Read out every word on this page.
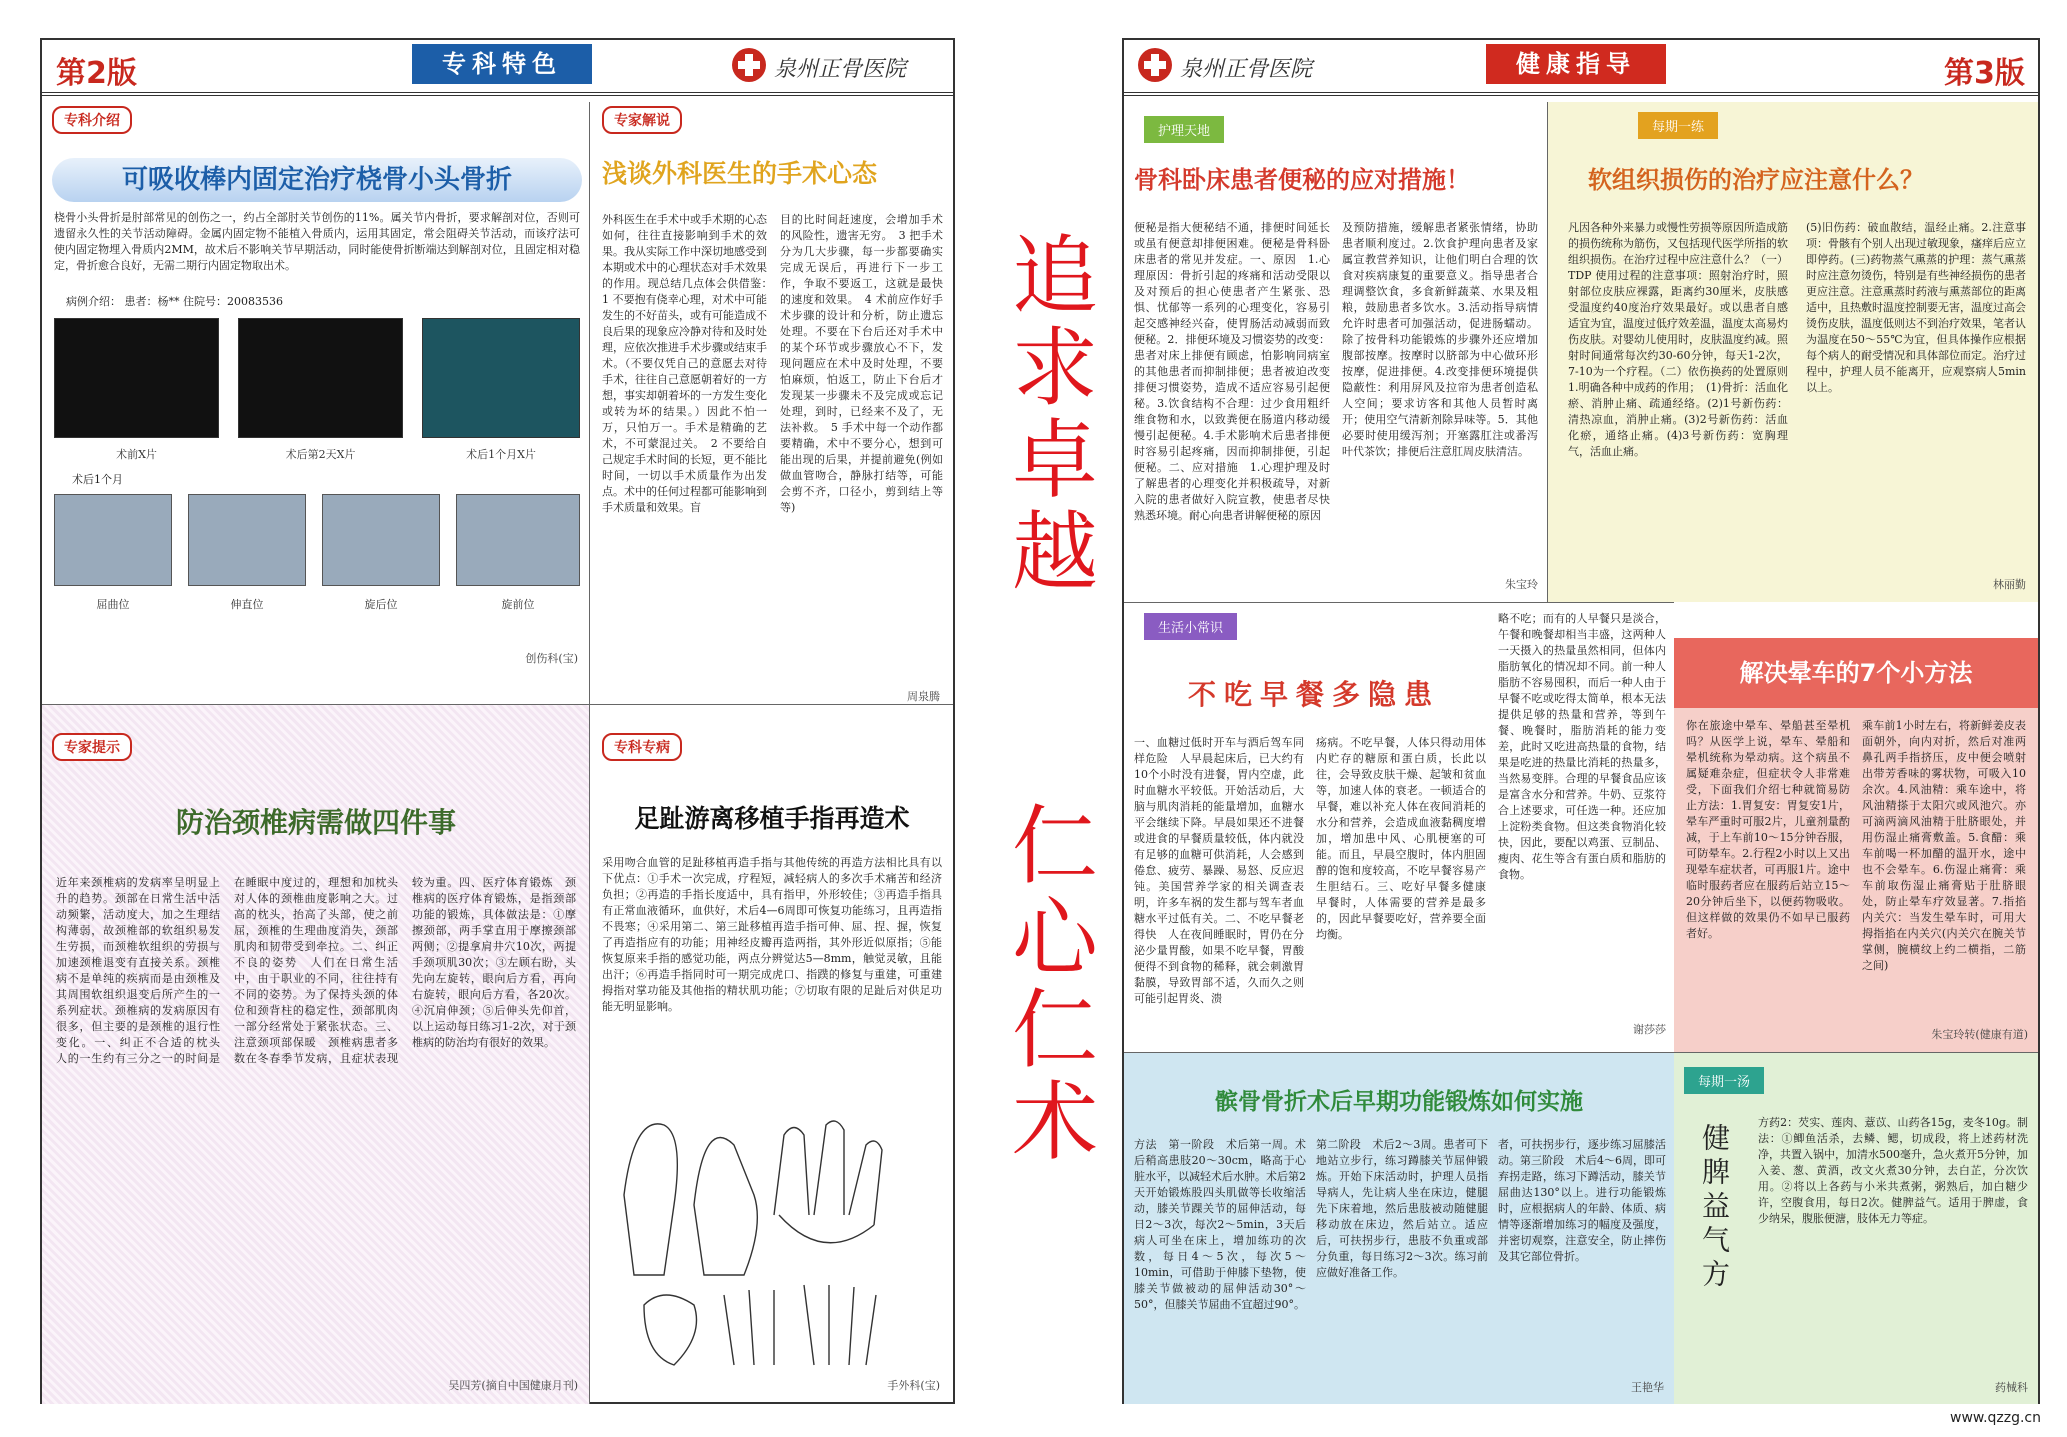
第2版	专科特色	泉州正骨医院
专科介绍
可吸收棒内固定治疗桡骨小头骨折
桡骨小头骨折是肘部常见的创伤之一，约占全部肘关节创伤的11%。属关节内骨折，要求解剖对位，否则可遗留永久性的关节活动障碍。金属内固定物不能植入骨质内，运用其固定，常会阻碍关节活动，而该疗法可使内固定物埋入骨质内2MM，故术后不影响关节早期活动，同时能使骨折断端达到解剖对位，且固定相对稳定，骨折愈合良好，无需二期行内固定物取出术。
病例介绍： 患者：杨** 住院号：20083536
术前X片	术后第2天X片	术后1个月X片
术后1个月
屈曲位	伸直位	旋后位	旋前位
创伤科(宝)
专家解说
浅谈外科医生的手术心态
外科医生在手术中或手术期的心态如何，往往直接影响到手术的效果。我从实际工作中深切地感受到本期或术中的心理状态对手术效果的作用。现总结几点体会供借鉴：　1 不要抱有侥幸心理，对术中可能发生的不好苗头，或有可能造成不良后果的现象应冷静对待和及时处理，应依次推进手术步骤或结束手术。（不要仅凭自己的意愿去对待手术，往往自己意愿朝着好的一方想，事实却朝着坏的一方发生变化或转为坏的结果。）因此不怕一万，只怕万一。手术是精确的艺术，不可蒙混过关。　2 不要给自己规定手术时间的长短，更不能比时间，一切以手术质量作为出发点。术中的任何过程都可能影响到手术质量和效果。盲
目的比时间赶速度，会增加手术的风险性，遗害无穷。　3 把手术分为几大步骤，每一步都要确实完成无误后，再进行下一步工作，争取不要返工，这就是最快的速度和效果。　4 术前应作好手术步骤的设计和分析，防止遗忘处理。不要在下台后还对手术中的某个环节或步骤放心不下，发现问题应在术中及时处理，不要怕麻烦，怕返工，防止下台后才发现某一步骤未不及完成或忘记处理，到时，已经来不及了，无法补救。　5 手术中每一个动作都要精确，术中不要分心，想到可能出现的后果，并提前避免(例如做血管吻合，静脉打结等，可能会剪不齐，口径小，剪到结上等等)
周泉腾
专家提示
防治颈椎病需做四件事
近年来颈椎病的发病率呈明显上升的趋势。颈部在日常生活中活动频繁，活动度大，加之生理结构薄弱，故颈椎部的软组织易发生劳损，而颈椎软组织的劳损与加速颈椎退变有直接关系。颈椎病不是单纯的疾病而是由颈椎及其周围软组织退变后所产生的一系列症状。颈椎病的发病原因有很多，但主要的是颈椎的退行性变化。一、纠正不合适的枕头　人的一生约有三分之一的时间是在睡眠中度过的，理想和加枕头对人体的颈椎曲度影响之大。过高的枕头，抬高了头部，使之前屈，颈椎的生理曲度消失，颈部肌肉和韧带受到牵拉。二、纠正不良的姿势　人们在日常生活中，由于职业的不同，往往持有不同的姿势。为了保持头颈的体位和颈背柱的稳定性，颈部肌肉一部分经常处于紧张状态。三、注意颈项部保暖　颈椎病患者多数在冬春季节发病，且症状表现较为重。四、医疗体育锻炼　颈椎病的医疗体育锻炼，是指颈部功能的锻炼，具体做法是：①摩擦颈部，两手掌直用于摩擦颈部两侧；②提拿肩井穴10次，两提手颈项肌30次；③左顾右盼，头先向左旋转，眼向后方看，再向右旋转，眼向后方看，各20次。④沉肩伸颈；⑤后伸头先仰首，以上运动每日练习1-2次，对于颈椎病的防治均有很好的效果。
吴四芳(摘自中国健康月刊)
专科专病
足趾游离移植手指再造术
采用吻合血管的足趾移植再造手指与其他传统的再造方法相比具有以下优点：①手术一次完成，疗程短，减轻病人的多次手术痛苦和经济负担；②再造的手指长度适中，具有指甲，外形较佳；③再造手指具有正常血液循环，血供好，术后4—6周即可恢复功能练习，且再造指不畏寒；④采用第二、第三趾移植再造手指可伸、屈、捏、握，恢复了再造指应有的功能；用神经皮瓣再造两指，其外形近似原指；⑤能恢复原来手指的感觉功能，两点分辨觉达5—8mm，触觉灵敏，且能出汗；⑥再造手指同时可一期完成虎口、指蹼的修复与重建，可重建拇指对掌功能及其他指的精状肌功能；⑦切取有限的足趾后对供足功能无明显影响。
手外科(宝)
追求卓越
仁心仁术
泉州正骨医院	健康指导	第3版
护理天地
骨科卧床患者便秘的应对措施！
便秘是指大便秘结不通，排便时间延长或虽有便意却排便困难。便秘是骨科卧床患者的常见并发症。一、原因　1.心理原因：骨折引起的疼痛和活动受限以及对预后的担心使患者产生紧张、恐惧、忧郁等一系列的心理变化，容易引起交感神经兴奋，使胃肠活动减弱而致便秘。2．排便环境及习惯姿势的改变：患者对床上排便有顾虑，怕影响同病室的其他患者而抑制排便；患者被迫改变排便习惯姿势，造成不适应容易引起便秘。3.饮食结构不合理：过少食用粗纤维食物和水，以致粪便在肠道内移动缓慢引起便秘。4.手术影响术后患者排便时容易引起疼痛，因而抑制排便，引起便秘。二、应对措施　1.心理护理及时了解患者的心理变化并积极疏导，对新入院的患者做好入院宣教，使患者尽快熟悉环境。耐心向患者讲解便秘的原因
及预防措施，缓解患者紧张情绪，协助患者顺利度过。2.饮食护理向患者及家属宣教营养知识，让他们明白合理的饮食对疾病康复的重要意义。指导患者合理调整饮食，多食新鲜蔬菜、水果及粗粮，鼓励患者多饮水。3.活动指导病情允许时患者可加强活动，促进肠蠕动。除了按骨科功能锻炼的步骤外还应增加腹部按摩。按摩时以脐部为中心做环形按摩，促进排便。4.改变排便环境提供隐蔽性：利用屏风及拉帘为患者创造私人空间；要求访客和其他人员暂时离开；使用空气清新剂除异味等。5．其他必要时使用缓泻剂；开塞露肛注或番泻叶代茶饮；排便后注意肛周皮肤清洁。
朱宝玲
每期一练
软组织损伤的治疗应注意什么？
凡因各种外来暴力或慢性劳损等原因所造成筋的损伤统称为筋伤，又包括现代医学所指的软组织损伤。在治疗过程中应注意什么？（一）TDP 使用过程的注意事项：照射治疗时，照射部位皮肤应裸露，距离约30厘米，皮肤感受温度约40度治疗效果最好。或以患者自感适宜为宜，温度过低疗效差温，温度太高易灼伤皮肤。对婴幼儿使用时，皮肤温度约减。照射时间通常每次约30-60分钟，每天1-2次，7-10为一个疗程。（二）依伤换药的处置原则　1.明确各种中成药的作用；　(1)骨折：活血化瘀、消肿止痛、疏通经络。(2)1号新伤药：清热凉血，消肿止痛。(3)2号新伤药：活血化瘀，通络止痛。(4)3号新伤药：宽胸理气，活血止痛。
(5)旧伤药：破血散结，温经止痛。2.注意事项：骨骸有个别人出现过敏现象，瘙痒后应立即停药。(三)药物蒸气熏蒸的护理：蒸气熏蒸时应注意勿烫伤，特别是有些神经损伤的患者更应注意。注意熏蒸时药液与熏蒸部位的距离适中，且热敷时温度控制要无害，温度过高会烫伤皮肤，温度低则达不到治疗效果，笔者认为温度在50～55℃为宜，但具体操作应根据每个病人的耐受情况和具体部位而定。治疗过程中，护理人员不能离开，应观察病人5min以上。
林丽勤
生活小常识
不吃早餐多隐患
一、血糖过低时开车与酒后驾车同样危险　人早晨起床后，已大约有10个小时没有进餐，胃内空虚，此时血糖水平较低。开始活动后，大脑与肌肉消耗的能量增加，血糖水平会继续下降。早晨如果还不进餐或进食的早餐质量较低，体内就没有足够的血糖可供消耗，人会感到倦怠、疲劳、暴躁、易怒、反应迟钝。美国营养学家的相关调查表明，许多车祸的发生都与驾车者血糖水平过低有关。二、不吃早餐老得快　人在夜间睡眠时，胃仍在分泌少量胃酸，如果不吃早餐，胃酸便得不到食物的稀释，就会刺激胃黏膜，导致胃部不适，久而久之则可能引起胃炎、溃
疡病。不吃早餐，人体只得动用体内贮存的糖原和蛋白质，长此以往，会导致皮肤干燥、起皱和贫血等，加速人体的衰老。一顿适合的早餐，难以补充人体在夜间消耗的水分和营养，会造成血液黏稠度增加，增加患中风、心肌梗塞的可能。而且，早晨空腹时，体内胆固醇的饱和度较高，不吃早餐容易产生胆结石。三、吃好早餐多健康　早餐时，人体需要的营养是最多的，因此早餐要吃好，营养要全面均衡。
略不吃；而有的人早餐只是淡合，午餐和晚餐却相当丰盛，这两种人一天摄入的热量虽然相同，但体内脂肪氧化的情况却不同。前一种人脂肪不容易囤积，而后一种人由于早餐不吃或吃得太简单，根本无法提供足够的热量和营养，等到午餐、晚餐时，脂肪消耗的能力变差，此时又吃进高热量的食物，结果是吃进的热量比消耗的热量多，当然易变胖。合理的早餐食品应该是富含水分和营养。牛奶、豆浆符合上述要求，可任选一种。还应加上淀粉类食物。但这类食物消化较快，因此，要配以鸡蛋、豆制品、瘦肉、花生等含有蛋白质和脂肪的食物。
谢莎莎
解决晕车的7个小方法
你在旅途中晕车、晕船甚至晕机吗？从医学上说，晕车、晕船和晕机统称为晕动病。这个病虽不属疑难杂症，但症状令人非常难受，下面我们介绍七种就简易防止方法：1.胃复安：胃复安1片，晕车严重时可服2片，儿童剂量酌减，于上车前10～15分钟吞服，可防晕车。2.行程2小时以上又出现晕车症状者，可再服1片。途中临时服药者应在服药后站立15～20分钟后坐下，以便药物吸收。但这样做的效果仍不如早已服药者好。
乘车前1小时左右，将新鲜姜皮表面朝外，向内对折，然后对准两鼻孔两手指挤压，皮中便会喷射出带芳香味的雾状物，可吸入10余次。4.风油精：乘车途中，将风油精搽于太阳穴或风池穴。亦可滴两滴风油精于肚脐眼处，并用伤湿止痛膏敷盖。5.食醋：乘车前喝一杯加醋的温开水，途中也不会晕车。6.伤湿止痛膏：乘车前取伤湿止痛膏贴于肚脐眼处，防止晕车疗效显著。7.指掐内关穴：当发生晕车时，可用大拇指掐在内关穴(内关穴在腕关节掌侧，腕横纹上约二横指，二筋之间)
朱宝玲转(健康有道)
髌骨骨折术后早期功能锻炼如何实施
方法　第一阶段　术后第一周。术后稍高患肢20～30cm，略高于心脏水平，以减轻术后水肿。术后第2天开始锻炼股四头肌做等长收缩活动，膝关节踝关节的屈伸活动，每日2～3次，每次2～5min，3天后病人可坐在床上，增加练功的次数，每日4～5次，每次5～10min，可借助于伸膝下垫物，使膝关节做被动的屈伸活动30°～50°，但膝关节屈曲不宜超过90°。
第二阶段　术后2～3周。患者可下地站立步行，练习蹲膝关节屈伸锻炼。开始下床活动时，护理人员指导病人，先让病人坐在床边，健腿先下床着地，然后患肢被动随健腿移动放在床边，然后站立。适应后，可扶拐步行，患肢不负重或部分负重，每日练习2～3次。练习前应做好准备工作。
者，可扶拐步行，逐步练习屈膝活动。第三阶段　术后4～6周，即可弃拐走路，练习下蹲活动，膝关节屈曲达130°以上。进行功能锻炼时，应根据病人的年龄、体质、病情等逐渐增加练习的幅度及强度，并密切观察，注意安全，防止摔伤及其它部位骨折。
王艳华
每期一汤
健脾益气方
方药2：芡实、莲肉、薏苡、山药各15g，麦冬10g。制法：①鲫鱼活杀，去鳞、鳃，切成段，将上述药材洗净，共置入锅中，加清水500毫升，急火煮开5分钟，加入姜、葱、黄酒，改文火煮30分钟，去白芷，分次饮用。②将以上各药与小米共煮粥，粥熟后，加白糖少许，空腹食用，每日2次。健脾益气。适用于脾虚，食少纳呆，腹胀便溏，肢体无力等症。
药械科
www.qzzg.cn
